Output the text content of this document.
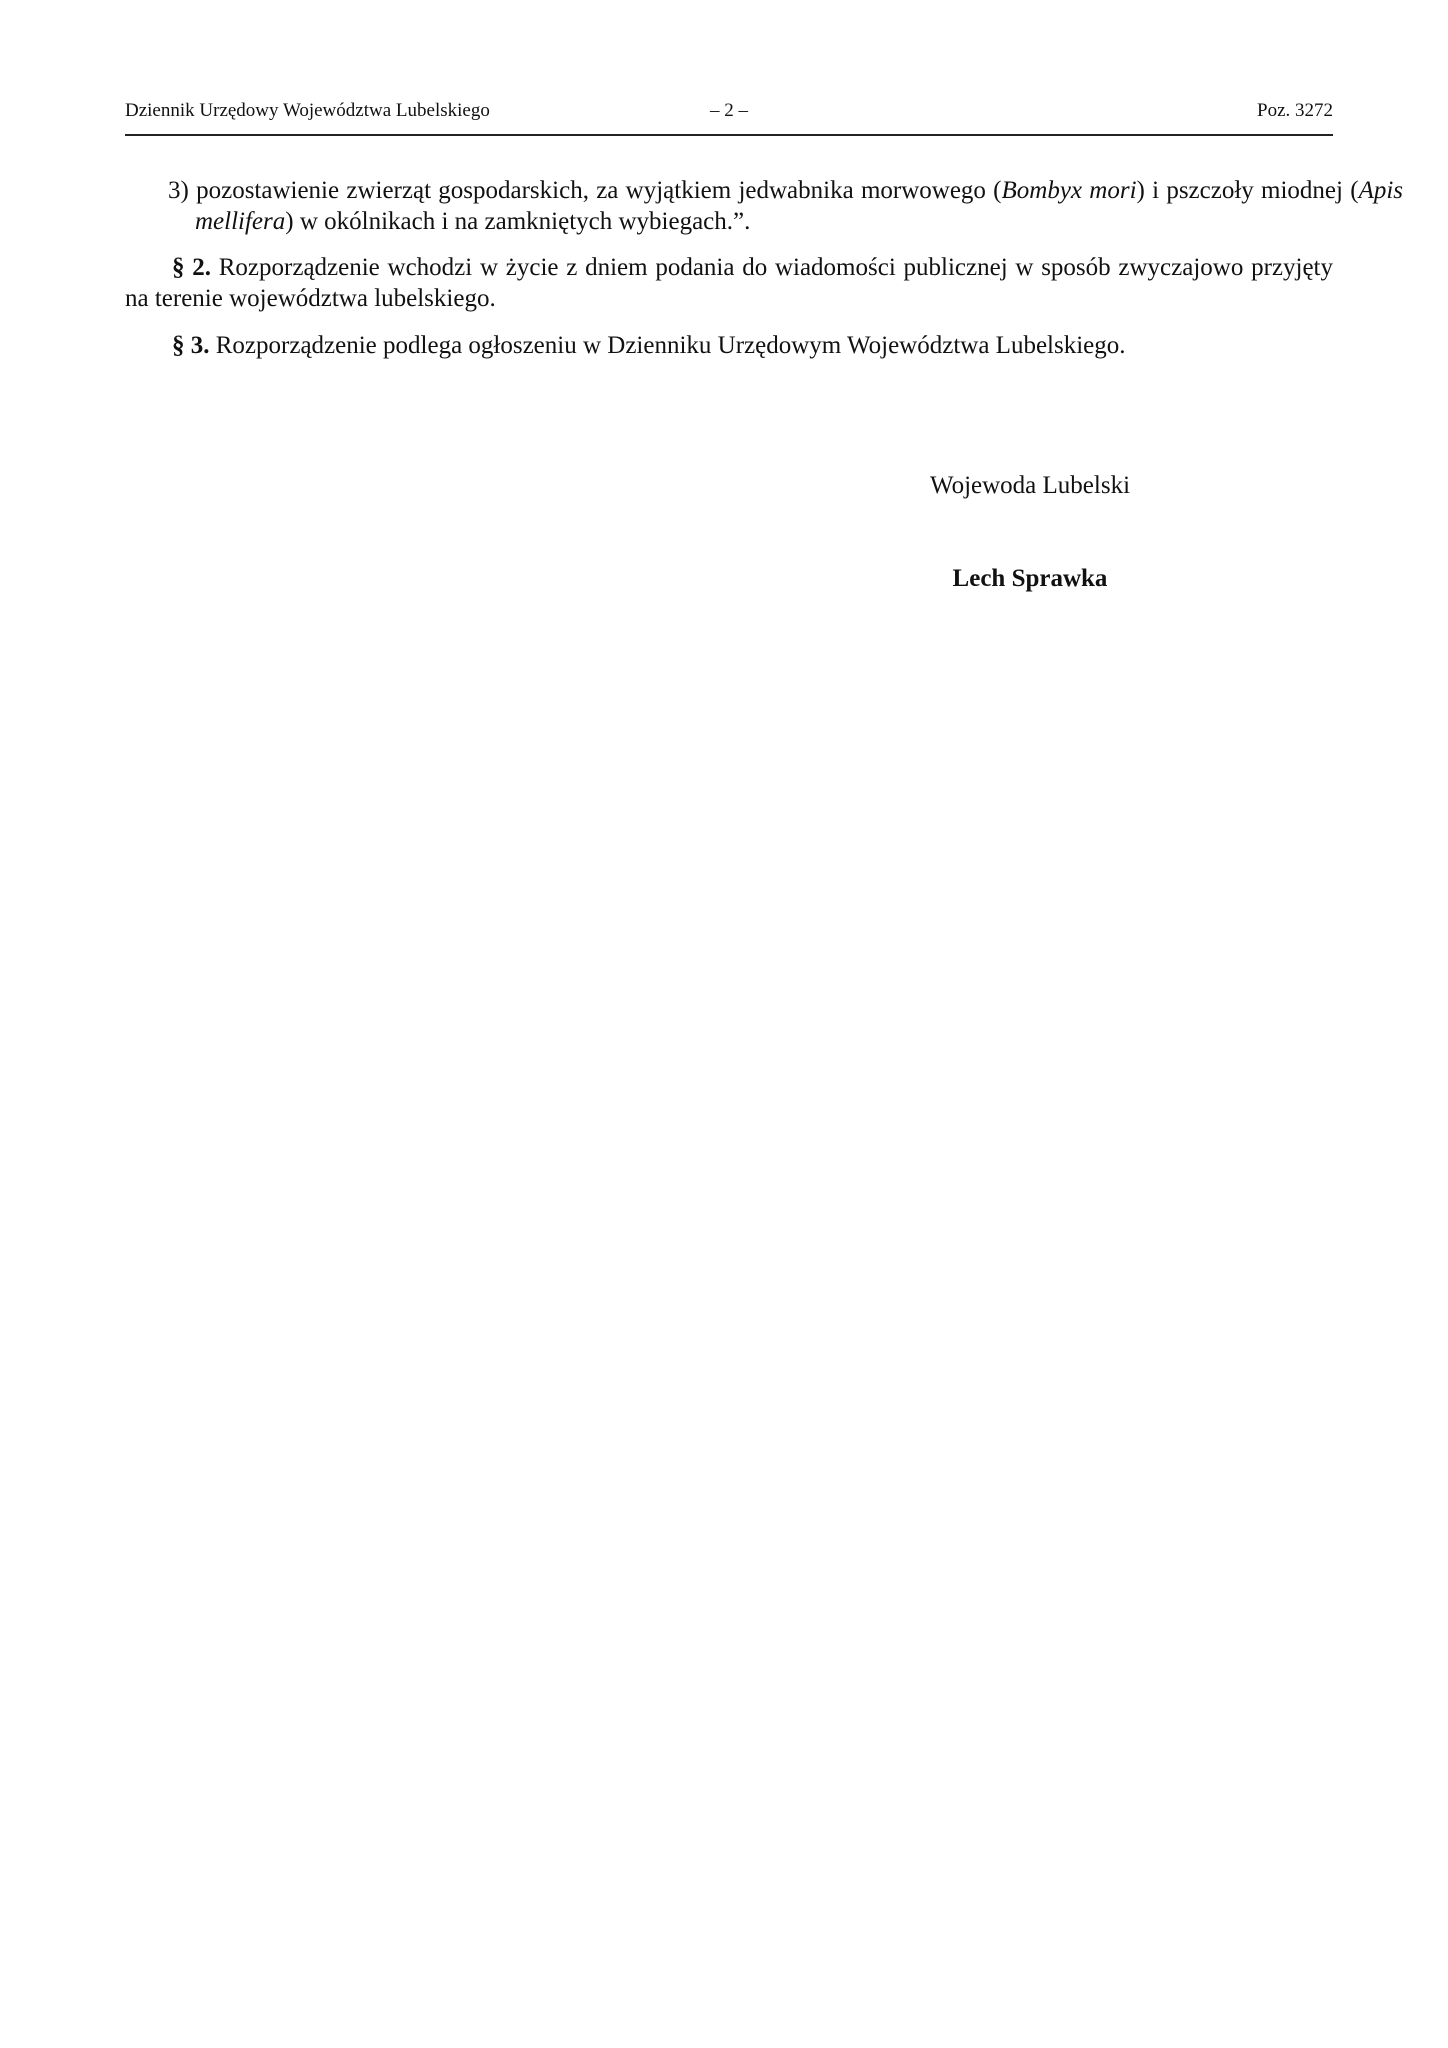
Dziennik Urzędowy Województwa Lubelskiego	– 2 –	Poz. 3272
3) pozostawienie zwierząt gospodarskich, za wyjątkiem jedwabnika morwowego (Bombyx mori) i pszczoły miodnej (Apis mellifera) w okólnikach i na zamkniętych wybiegach.”.
§ 2. Rozporządzenie wchodzi w życie z dniem podania do wiadomości publicznej w sposób zwyczajowo przyjęty na terenie województwa lubelskiego.
§ 3. Rozporządzenie podlega ogłoszeniu w Dzienniku Urzędowym Województwa Lubelskiego.
Wojewoda Lubelski
Lech Sprawka
